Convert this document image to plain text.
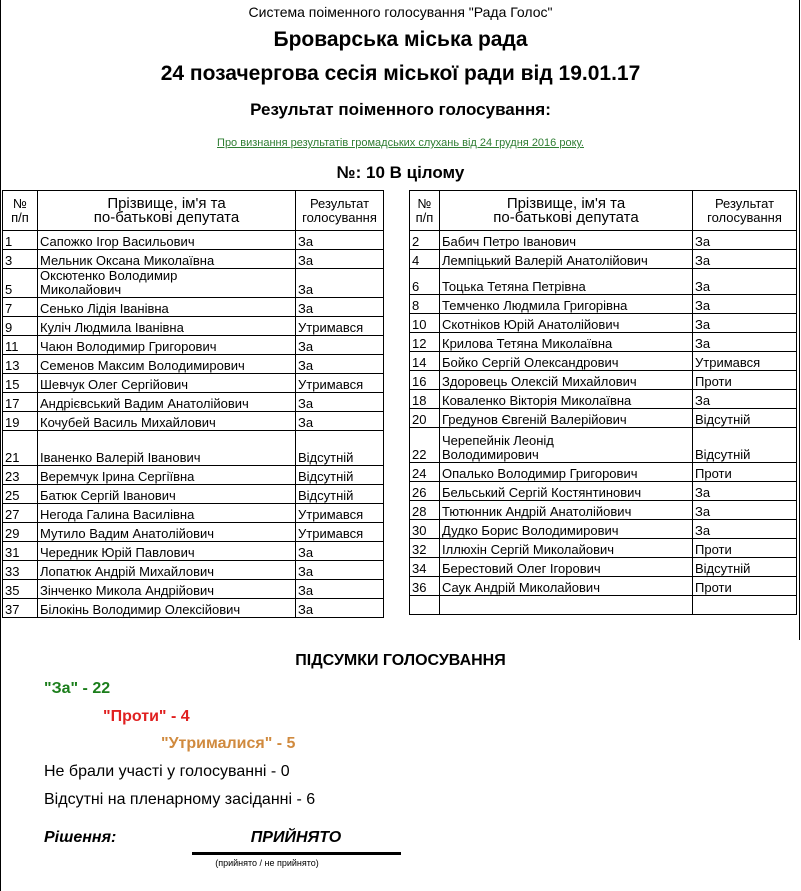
Система поіменного голосування "Рада Голос"
Броварська міська рада
24 позачергова сесія міської ради від 19.01.17
Результат поіменного голосування:
Про визнання результатів громадських слухань від 24 грудня 2016 року.
№: 10 В цілому
№
п/п	Прізвище, ім'я та
по-батькові депутата	Результат
голосування
1	Сапожко Ігор Васильович	За
3	Мельник Оксана Миколаївна	За
5	Оксютенко Володимир Миколайович	За
7	Сенько Лідія Іванівна	За
9	Куліч Людмила Іванівна	Утримався
11	Чаюн Володимир Григорович	За
13	Семенов Максим Володимирович	За
15	Шевчук Олег Сергійович	Утримався
17	Андрієвський Вадим Анатолійович	За
19	Кочубей Василь Михайлович	За
21	Іваненко Валерій Іванович	Відсутній
23	Веремчук Ірина Сергіївна	Відсутній
25	Батюк Сергій Іванович	Відсутній
27	Негода Галина Василівна	Утримався
29	Мутило Вадим Анатолійович	Утримався
31	Чередник Юрій Павлович	За
33	Лопатюк Андрій Михайлович	За
35	Зінченко Микола Андрійович	За
37	Білокінь Володимир Олексійович	За
№
п/п	Прізвище, ім'я та
по-батькові депутата	Результат
голосування
2	Бабич Петро Іванович	За
4	Лемпіцький Валерій Анатолійович	За
6	Тоцька Тетяна Петрівна	За
8	Темченко Людмила Григорівна	За
10	Скотніков Юрій Анатолійович	За
12	Крилова Тетяна Миколаївна	За
14	Бойко Сергій Олександрович	Утримався
16	Здоровець Олексій Михайлович	Проти
18	Коваленко Вікторія Миколаївна	За
20	Гредунов Євгеній Валерійович	Відсутній
22	Черепейнік Леонід Володимирович	Відсутній
24	Опалько Володимир Григорович	Проти
26	Бельський Сергій Костянтинович	За
28	Тютюнник Андрій Анатолійович	За
30	Дудко Борис Володимирович	За
32	Іллюхін Сергій Миколайович	Проти
34	Берестовий Олег Ігорович	Відсутній
36	Саук Андрій Миколайович	Проти

ПІДСУМКИ ГОЛОСУВАННЯ
"За" - 22
"Проти" - 4
"Утрималися" - 5
Не брали участі у голосуванні - 0
Відсутні на пленарному засіданні - 6
Рішення:	ПРИЙНЯТО
(прийнято / не прийнято)
